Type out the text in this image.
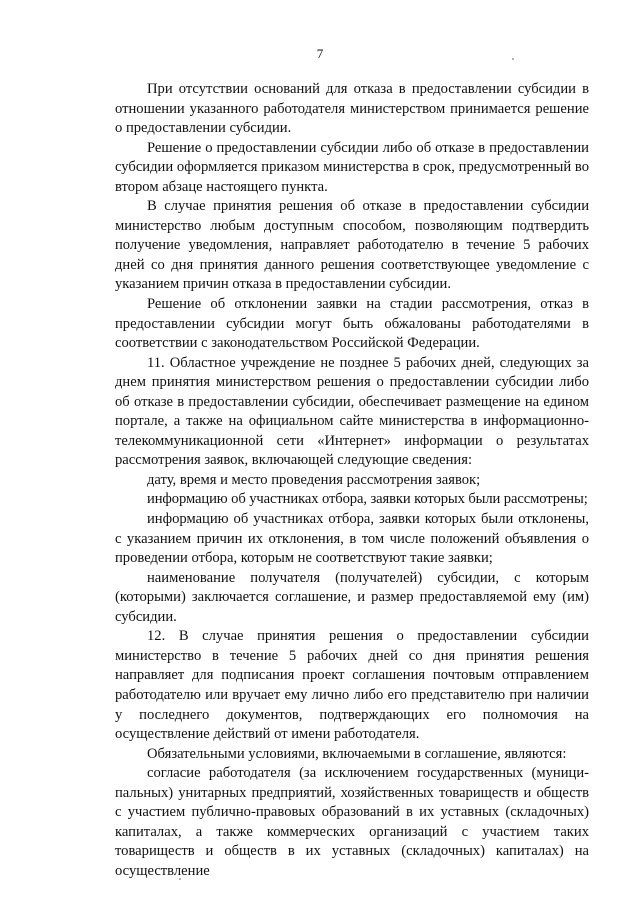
7

При отсутствии оснований для отказа в предоставлении субсидии в отношении указанного работодателя министерством принимается решение о предоставлении субсидии.

Решение о предоставлении субсидии либо об отказе в предоставлении субсидии оформляется приказом министерства в срок, предусмотренный во втором абзаце настоящего пункта.

В случае принятия решения об отказе в предоставлении субсидии министерство любым доступным способом, позволяющим подтвердить получение уведомления, направляет работодателю в течение 5 рабочих дней со дня принятия данного решения соответствующее уведомление с указанием причин отказа в предоставлении субсидии.

Решение об отклонении заявки на стадии рассмотрения, отказ в предоставлении субсидии могут быть обжалованы работодателями в соответствии с законодательством Российской Федерации.

11. Областное учреждение не позднее 5 рабочих дней, следующих за днем принятия министерством решения о предоставлении субсидии либо об отказе в предоставлении субсидии, обеспечивает размещение на едином портале, а также на официальном сайте министерства в информационно-телекоммуникационной сети «Интернет» информации о результатах рассмотрения заявок, включающей следующие сведения:

дату, время и место проведения рассмотрения заявок;

информацию об участниках отбора, заявки которых были рассмотрены;

информацию об участниках отбора, заявки которых были отклонены, с указанием причин их отклонения, в том числе положений объявления о проведении отбора, которым не соответствуют такие заявки;

наименование получателя (получателей) субсидии, с которым (которыми) заключается соглашение, и размер предоставляемой ему (им) субсидии.

12. В случае принятия решения о предоставлении субсидии министерство в течение 5 рабочих дней со дня принятия решения направляет для подписания проект соглашения почтовым отправлением работодателю или вручает ему лично либо его представителю при наличии у последнего документов, подтверждающих его полномочия на осуществление действий от имени работодателя.

Обязательными условиями, включаемыми в соглашение, являются:

согласие работодателя (за исключением государственных (муници-пальных) унитарных предприятий, хозяйственных товариществ и обществ с участием публично-правовых образований в их уставных (складочных) капиталах, а также коммерческих организаций с участием таких товариществ и обществ в их уставных (складочных) капиталах) на осуществление
